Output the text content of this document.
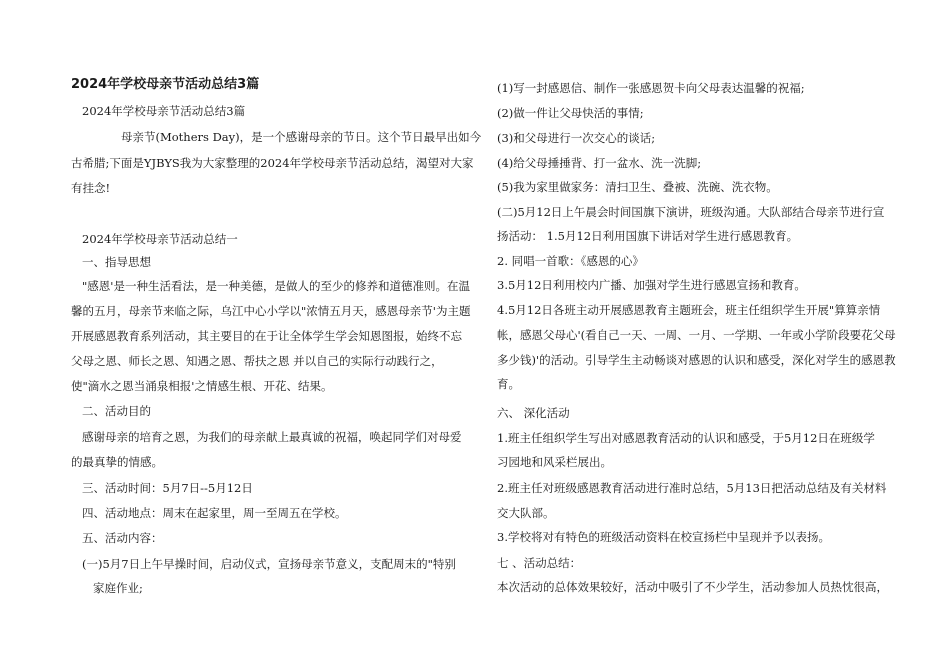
2024年学校母亲节活动总结3篇
2024年学校母亲节活动总结3篇
母亲节(Mothers Day)，是一个感谢母亲的节日。这个节日最早出如今
古希腊;下面是YJBYS我为大家整理的2024年学校母亲节活动总结，渴望对大家
有挂念!
2024年学校母亲节活动总结一
一、指导思想
"感恩'是一种生活看法，是一种美德，是做人的至少的修养和道德准则。在温
馨的五月，母亲节来临之际，乌江中心小学以"浓情五月天，感恩母亲节'为主题
开展感恩教育系列活动，其主要目的在于让全体学生学会知恩图报，始终不忘
父母之恩、师长之恩、知遇之恩、帮扶之恩 并以自己的实际行动践行之，
使"滴水之恩当涌泉相报'之情感生根、开花、结果。
二、活动目的
感谢母亲的培育之恩，为我们的母亲献上最真诚的祝福，唤起同学们对母爱
的最真挚的情感。
三、活动时间：5月7日--5月12日
四、活动地点：周末在起家里，周一至周五在学校。
五、活动内容：
(一)5月7日上午早操时间，启动仪式，宣扬母亲节意义，支配周末的"特别
家庭作业;
(1)写一封感恩信、制作一张感恩贺卡向父母表达温馨的祝福;
(2)做一件让父母快活的事情;
(3)和父母进行一次交心的谈话;
(4)给父母捶捶背、打一盆水、洗一洗脚;
(5)我为家里做家务：清扫卫生、叠被、洗碗、洗衣物。
(二)5月12日上午晨会时间国旗下演讲，班级沟通。大队部结合母亲节进行宣
扬活动： 1.5月12日利用国旗下讲话对学生进行感恩教育。
2. 同唱一首歌：《感恩的心》
3.5月12日利用校内广播、加强对学生进行感恩宣扬和教育。
4.5月12日各班主动开展感恩教育主题班会，班主任组织学生开展"算算亲情
帐，感恩父母心'(看自己一天、一周、一月、一学期、一年或小学阶段要花父母
多少钱)'的活动。引导学生主动畅谈对感恩的认识和感受，深化对学生的感恩教
育。
六、 深化活动
1.班主任组织学生写出对感恩教育活动的认识和感受，于5月12日在班级学
习园地和风采栏展出。
2.班主任对班级感恩教育活动进行准时总结，5月13日把活动总结及有关材料
交大队部。
3.学校将对有特色的班级活动资料在校宣扬栏中呈现并予以表扬。
七 、活动总结：
本次活动的总体效果较好，活动中吸引了不少学生，活动参加人员热忱很高，
